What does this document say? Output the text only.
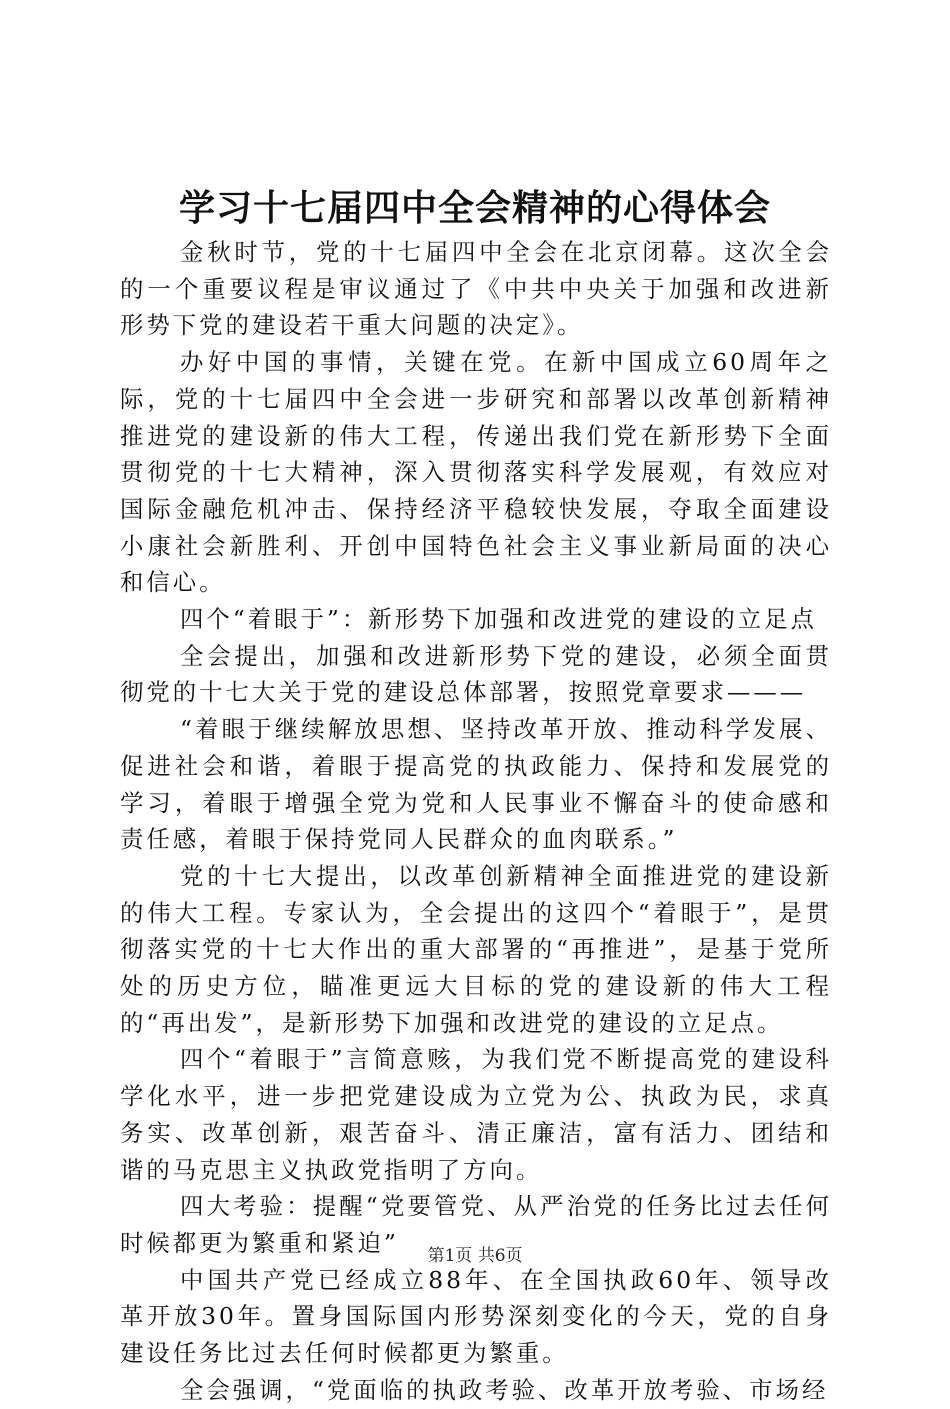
学习十七届四中全会精神的心得体会

金秋时节，党的十七届四中全会在北京闭幕。这次全会的一个重要议程是审议通过了《中共中央关于加强和改进新形势下党的建设若干重大问题的决定》。

办好中国的事情，关键在党。在新中国成立60周年之际，党的十七届四中全会进一步研究和部署以改革创新精神推进党的建设新的伟大工程，传递出我们党在新形势下全面贯彻党的十七大精神，深入贯彻落实科学发展观，有效应对国际金融危机冲击、保持经济平稳较快发展，夺取全面建设小康社会新胜利、开创中国特色社会主义事业新局面的决心和信心。

四个“着眼于”：新形势下加强和改进党的建设的立足点

全会提出，加强和改进新形势下党的建设，必须全面贯彻党的十七大关于党的建设总体部署，按照党章要求———

“着眼于继续解放思想、坚持改革开放、推动科学发展、促进社会和谐，着眼于提高党的执政能力、保持和发展党的学习，着眼于增强全党为党和人民事业不懈奋斗的使命感和责任感，着眼于保持党同人民群众的血肉联系。”

党的十七大提出，以改革创新精神全面推进党的建设新的伟大工程。专家认为，全会提出的这四个“着眼于”，是贯彻落实党的十七大作出的重大部署的“再推进”，是基于党所处的历史方位，瞄准更远大目标的党的建设新的伟大工程的“再出发”，是新形势下加强和改进党的建设的立足点。

四个“着眼于”言简意赅，为我们党不断提高党的建设科学化水平，进一步把党建设成为立党为公、执政为民，求真务实、改革创新，艰苦奋斗、清正廉洁，富有活力、团结和谐的马克思主义执政党指明了方向。

四大考验：提醒“党要管党、从严治党的任务比过去任何时候都更为繁重和紧迫”

中国共产党已经成立88年、在全国执政60年、领导改革开放30年。置身国际国内形势深刻变化的今天，党的自身建设任务比过去任何时候都更为繁重。

全会强调，“党面临的执政考验、改革开放考验、市场经

第1页 共6页
